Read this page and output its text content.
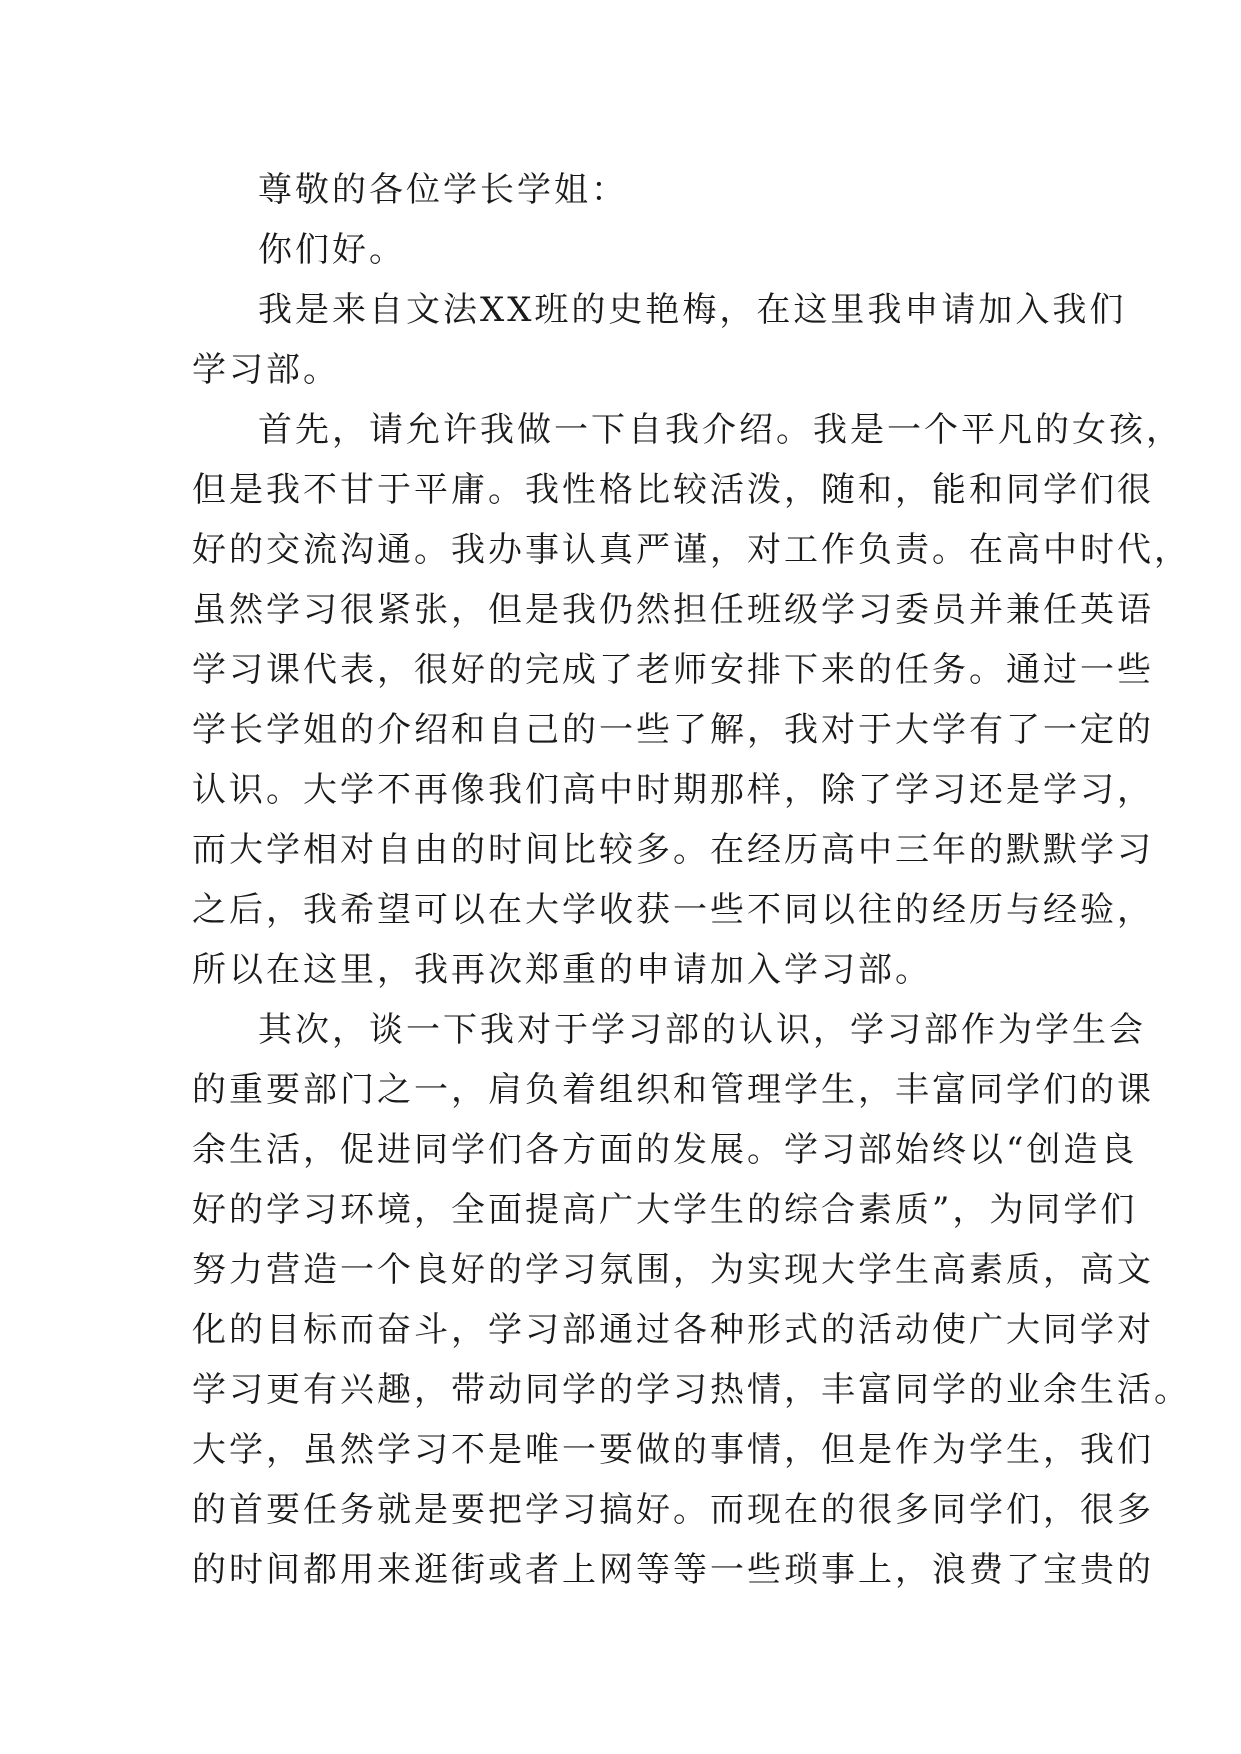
尊敬的各位学长学姐：
你们好。
我是来自文法XX班的史艳梅，在这里我申请加入我们
学习部。
首先，请允许我做一下自我介绍。我是一个平凡的女孩，
但是我不甘于平庸。我性格比较活泼，随和，能和同学们很
好的交流沟通。我办事认真严谨，对工作负责。在高中时代，
虽然学习很紧张，但是我仍然担任班级学习委员并兼任英语
学习课代表，很好的完成了老师安排下来的任务。通过一些
学长学姐的介绍和自己的一些了解，我对于大学有了一定的
认识。大学不再像我们高中时期那样，除了学习还是学习，
而大学相对自由的时间比较多。在经历高中三年的默默学习
之后，我希望可以在大学收获一些不同以往的经历与经验，
所以在这里，我再次郑重的申请加入学习部。
其次，谈一下我对于学习部的认识，学习部作为学生会
的重要部门之一，肩负着组织和管理学生，丰富同学们的课
余生活，促进同学们各方面的发展。学习部始终以“创造良
好的学习环境，全面提高广大学生的综合素质”，为同学们
努力营造一个良好的学习氛围，为实现大学生高素质，高文
化的目标而奋斗，学习部通过各种形式的活动使广大同学对
学习更有兴趣，带动同学的学习热情，丰富同学的业余生活。
大学，虽然学习不是唯一要做的事情，但是作为学生，我们
的首要任务就是要把学习搞好。而现在的很多同学们，很多
的时间都用来逛街或者上网等等一些琐事上，浪费了宝贵的
